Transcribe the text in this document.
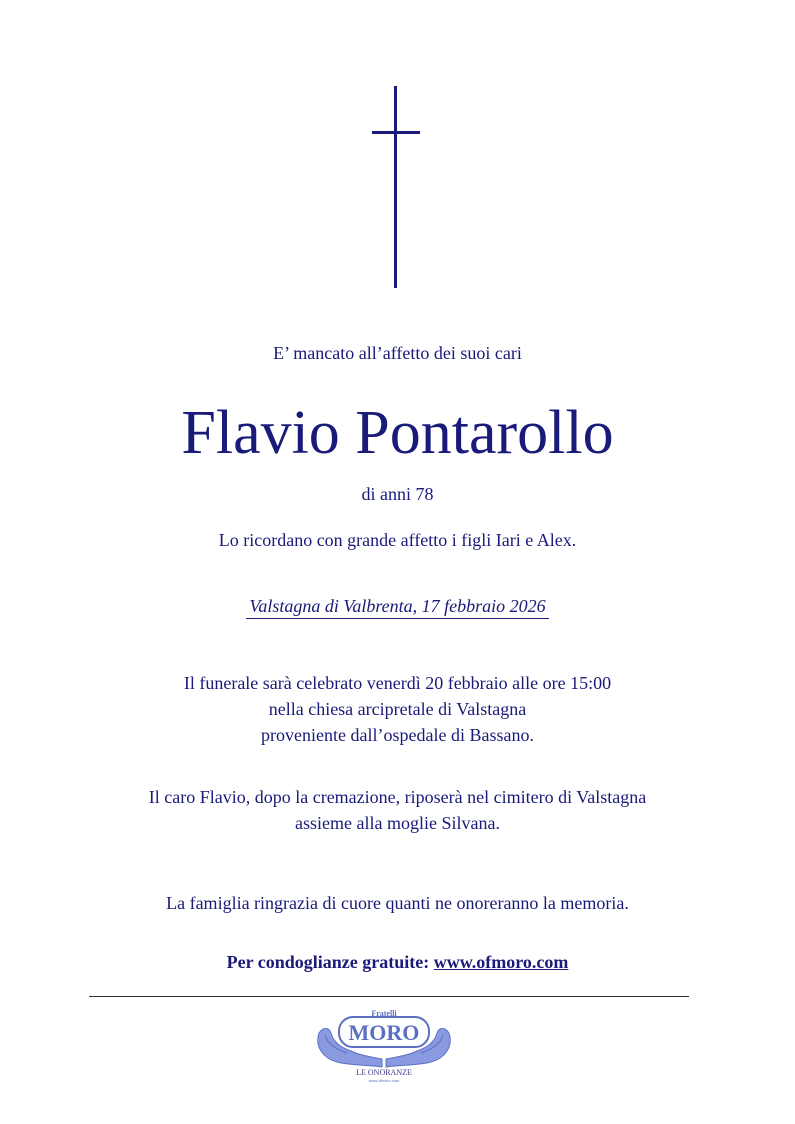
E’ mancato all’affetto dei suoi cari
Flavio Pontarollo
di anni 78
Lo ricordano con grande affetto i figli Iari e Alex.
Valstagna di Valbrenta, 17 febbraio 2026
Il funerale sarà celebrato venerdì 20 febbraio alle ore 15:00
nella chiesa arcipretale di Valstagna
proveniente dall’ospedale di Bassano.
Il caro Flavio, dopo la cremazione, riposerà nel cimitero di Valstagna
assieme alla moglie Silvana.
La famiglia ringrazia di cuore quanti ne onoreranno la memoria.
Per condoglianze gratuite: www.ofmoro.com
Fratelli
MORO
LE ONORANZE
www.ofmoro.com
